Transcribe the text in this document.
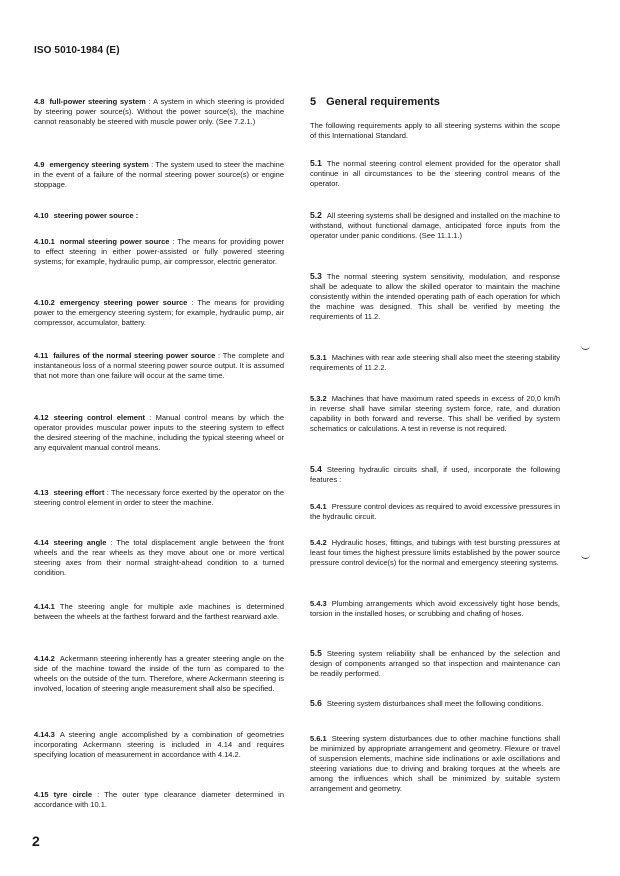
ISO 5010-1984 (E)

4.8 full-power steering system : A system in which steering is provided by steering power source(s). Without the power source(s), the machine cannot reasonably be steered with muscle power only. (See 7.2.1.)

4.9 emergency steering system : The system used to steer the machine in the event of a failure of the normal steering power source(s) or engine stoppage.

4.10 steering power source :

4.10.1 normal steering power source : The means for providing power to effect steering in either power-assisted or fully powered steering systems; for example, hydraulic pump, air compressor, electric generator.

4.10.2 emergency steering power source : The means for providing power to the emergency steering system; for example, hydraulic pump, air compressor, accumulator, battery.

4.11 failures of the normal steering power source : The complete and instantaneous loss of a normal steering power source output. It is assumed that not more than one failure will occur at the same time.

4.12 steering control element : Manual control means by which the operator provides muscular power inputs to the steering system to effect the desired steering of the machine, including the typical steering wheel or any equivalent manual control means.

4.13 steering effort : The necessary force exerted by the operator on the steering control element in order to steer the machine.

4.14 steering angle : The total displacement angle between the front wheels and the rear wheels as they move about one or more vertical steering axes from their normal straight-ahead condition to a turned condition.

4.14.1 The steering angle for multiple axle machines is determined between the wheels at the farthest forward and the farthest rearward axle.

4.14.2 Ackermann steering inherently has a greater steering angle on the side of the machine toward the inside of the turn as compared to the wheels on the outside of the turn. Therefore, where Ackermann steering is involved, location of steering angle measurement shall also be specified.

4.14.3 A steering angle accomplished by a combination of geometries incorporating Ackermann steering is included in 4.14 and requires specifying location of measurement in accordance with 4.14.2.

4.15 tyre circle : The outer type clearance diameter determined in accordance with 10.1.

5 General requirements

The following requirements apply to all steering systems within the scope of this International Standard.

5.1 The normal steering control element provided for the operator shall continue in all circumstances to be the steering control means of the operator.

5.2 All steering systems shall be designed and installed on the machine to withstand, without functional damage, anticipated force inputs from the operator under panic conditions. (See 11.1.1.)

5.3 The normal steering system sensitivity, modulation, and response shall be adequate to allow the skilled operator to maintain the machine consistently within the intended operating path of each operation for which the machine was designed. This shall be verified by meeting the requirements of 11.2.

5.3.1 Machines with rear axle steering shall also meet the steering stability requirements of 11.2.2.

5.3.2 Machines that have maximum rated speeds in excess of 20,0 km/h in reverse shall have similar steering system force, rate, and duration capability in both forward and reverse. This shall be verified by system schematics or calculations. A test in reverse is not required.

5.4 Steering hydraulic circuits shall, if used, incorporate the following features :

5.4.1 Pressure control devices as required to avoid excessive pressures in the hydraulic circuit.

5.4.2 Hydraulic hoses, fittings, and tubings with test bursting pressures at least four times the highest pressure limits established by the power source pressure control device(s) for the normal and emergency steering systems.

5.4.3 Plumbing arrangements which avoid excessively tight hose bends, torsion in the installed hoses, or scrubbing and chafing of hoses.

5.5 Steering system reliability shall be enhanced by the selection and design of components arranged so that inspection and maintenance can be readily performed.

5.6 Steering system disturbances shall meet the following conditions.

5.6.1 Steering system disturbances due to other machine functions shall be minimized by appropriate arrangement and geometry. Flexure or travel of suspension elements, machine side inclinations or axle oscillations and steering variations due to driving and braking torques at the wheels are among the influences which shall be minimized by suitable system arrangement and geometry.

2
